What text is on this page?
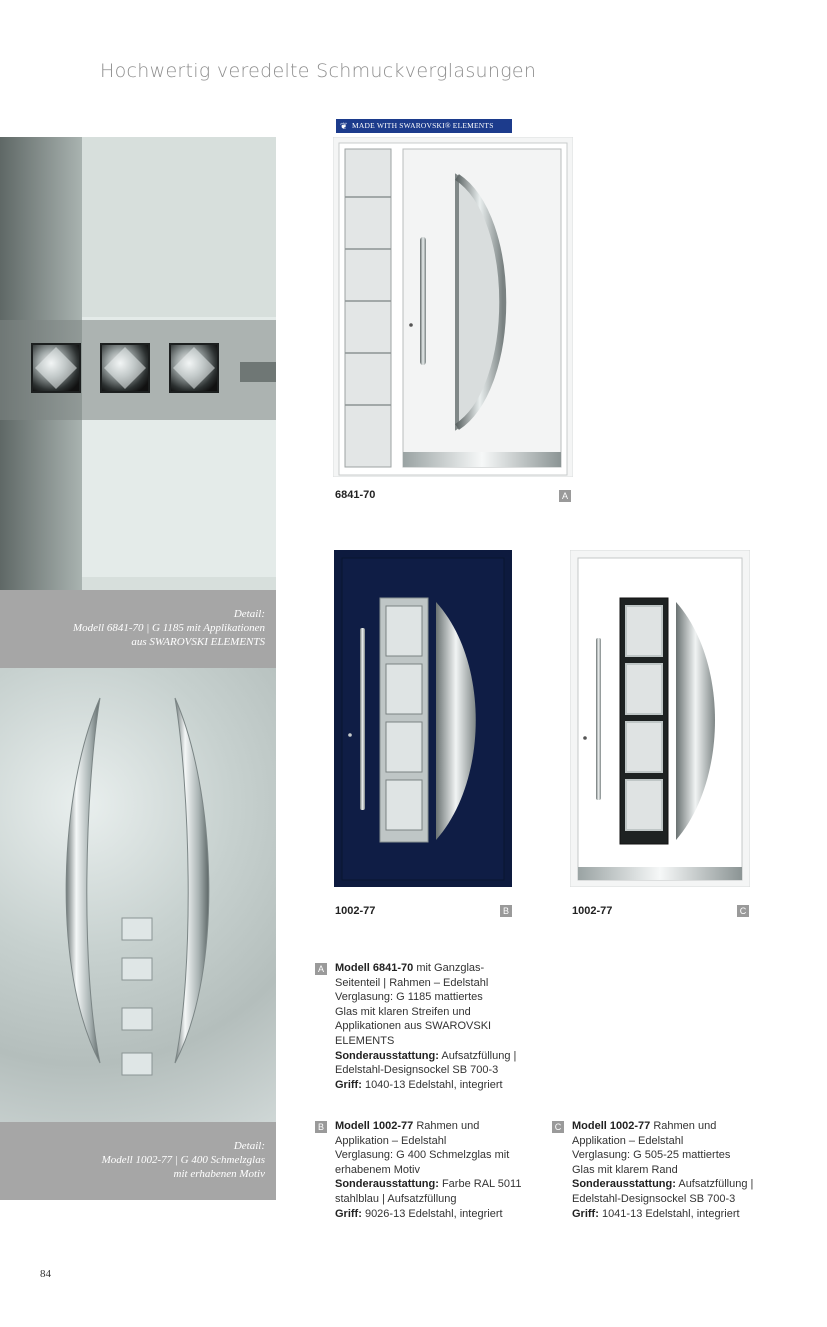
Hochwertig veredelte Schmuckverglasungen
Detail:
Modell 6841-70 | G 1185 mit Applikationen
aus SWAROVSKI ELEMENTS
Detail:
Modell 1002-77 | G 400 Schmelzglas
mit erhabenen Motiv
❦ MADE WITH SWAROVSKI® ELEMENTS
6841-70	A
1002-77	B	1002-77	C
A Modell 6841-70 mit Ganzglas-
Seitenteil | Rahmen – Edelstahl
Verglasung: G 1185 mattiertes
Glas mit klaren Streifen und
Applikationen aus SWAROVSKI
ELEMENTS
Sonderausstattung: Aufsatzfüllung |
Edelstahl-Designsockel SB 700-3
Griff: 1040-13 Edelstahl, integriert
B Modell 1002-77 Rahmen und
Applikation – Edelstahl
Verglasung: G 400 Schmelzglas mit
erhabenem Motiv
Sonderausstattung: Farbe RAL 5011
stahlblau | Aufsatzfüllung
Griff: 9026-13 Edelstahl, integriert
C Modell 1002-77 Rahmen und
Applikation – Edelstahl
Verglasung: G 505-25 mattiertes
Glas mit klarem Rand
Sonderausstattung: Aufsatzfüllung |
Edelstahl-Designsockel SB 700-3
Griff: 1041-13 Edelstahl, integriert
84
